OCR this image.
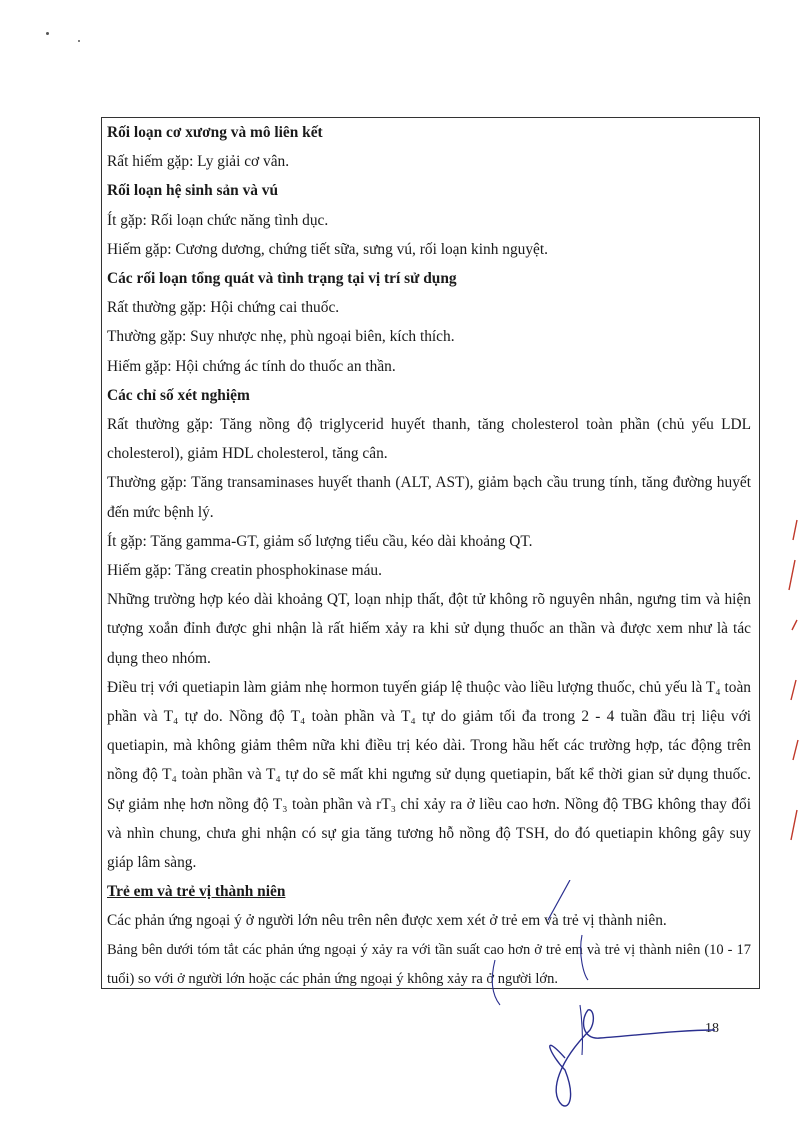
Rối loạn cơ xương và mô liên kết

Rất hiếm gặp: Ly giải cơ vân.

Rối loạn hệ sinh sản và vú

Ít gặp: Rối loạn chức năng tình dục.

Hiếm gặp: Cương dương, chứng tiết sữa, sưng vú, rối loạn kinh nguyệt.

Các rối loạn tổng quát và tình trạng tại vị trí sử dụng

Rất thường gặp: Hội chứng cai thuốc.

Thường gặp: Suy nhược nhẹ, phù ngoại biên, kích thích.

Hiếm gặp: Hội chứng ác tính do thuốc an thần.

Các chỉ số xét nghiệm

Rất thường gặp: Tăng nồng độ triglycerid huyết thanh, tăng cholesterol toàn phần (chủ yếu LDL cholesterol), giảm HDL cholesterol, tăng cân.

Thường gặp: Tăng transaminases huyết thanh (ALT, AST), giảm bạch cầu trung tính, tăng đường huyết đến mức bệnh lý.

Ít gặp: Tăng gamma-GT, giảm số lượng tiểu cầu, kéo dài khoảng QT.

Hiếm gặp: Tăng creatin phosphokinase máu.

Những trường hợp kéo dài khoảng QT, loạn nhịp thất, đột tử không rõ nguyên nhân, ngưng tim và hiện tượng xoắn đỉnh được ghi nhận là rất hiếm xảy ra khi sử dụng thuốc an thần và được xem như là tác dụng theo nhóm.

Điều trị với quetiapin làm giảm nhẹ hormon tuyến giáp lệ thuộc vào liều lượng thuốc, chủ yếu là T₄ toàn phần và T₄ tự do. Nồng độ T₄ toàn phần và T₄ tự do giảm tối đa trong 2 - 4 tuần đầu trị liệu với quetiapin, mà không giảm thêm nữa khi điều trị kéo dài. Trong hầu hết các trường hợp, tác động trên nồng độ T₄ toàn phần và T₄ tự do sẽ mất khi ngưng sử dụng quetiapin, bất kể thời gian sử dụng thuốc. Sự giảm nhẹ hơn nồng độ T₃ toàn phần và rT₃ chỉ xảy ra ở liều cao hơn. Nồng độ TBG không thay đổi và nhìn chung, chưa ghi nhận có sự gia tăng tương hỗ nồng độ TSH, do đó quetiapin không gây suy giáp lâm sàng.

Trẻ em và trẻ vị thành niên

Các phản ứng ngoại ý ở người lớn nêu trên nên được xem xét ở trẻ em và trẻ vị thành niên.

Bảng bên dưới tóm tắt các phản ứng ngoại ý xảy ra với tần suất cao hơn ở trẻ em và trẻ vị thành niên (10 - 17 tuổi) so với ở người lớn hoặc các phản ứng ngoại ý không xảy ra ở người lớn.

18
